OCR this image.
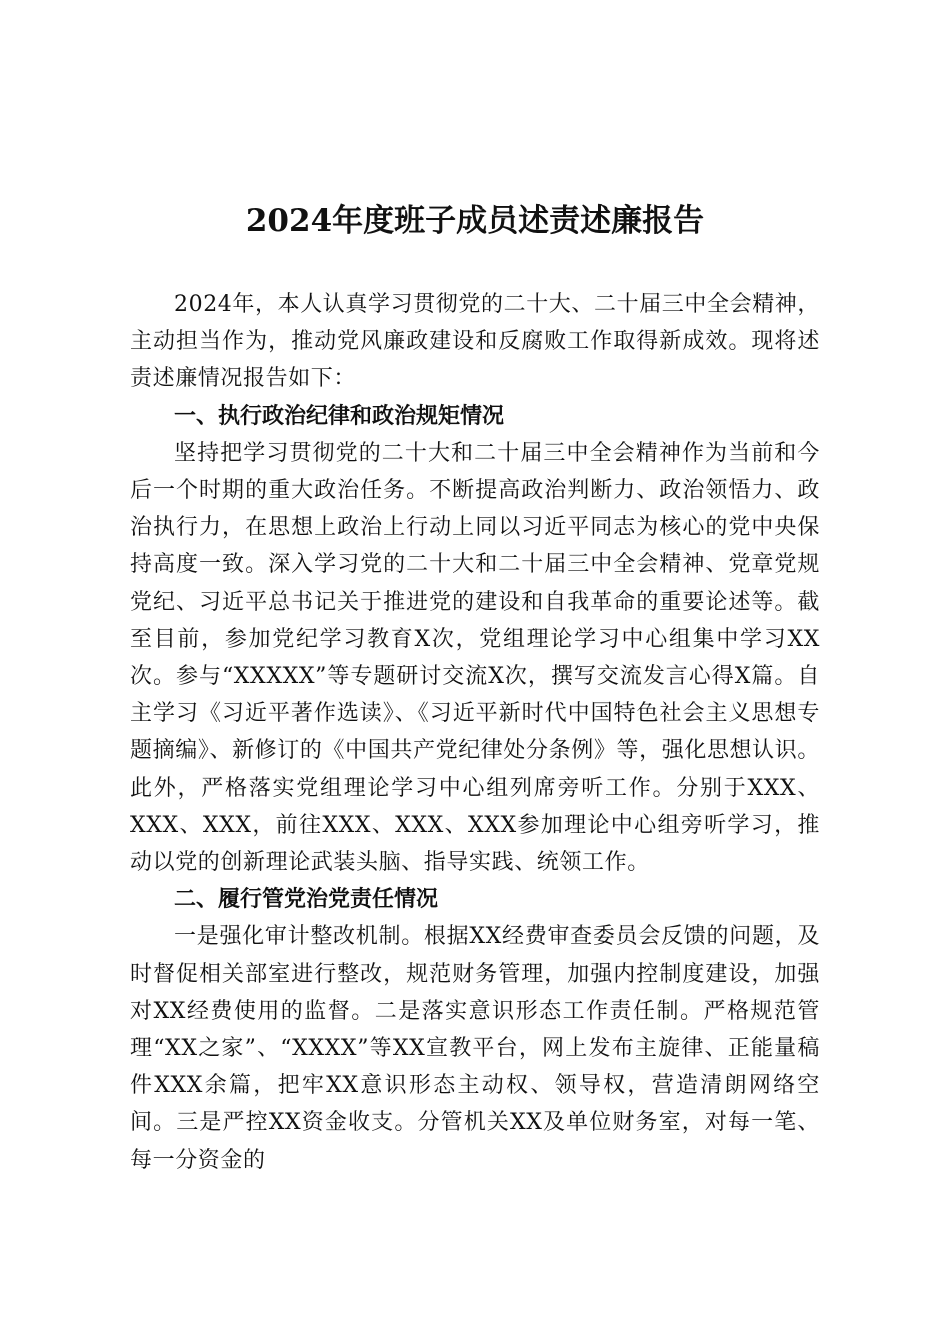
2024年度班子成员述责述廉报告

2024年，本人认真学习贯彻党的二十大、二十届三中全会精神，主动担当作为，推动党风廉政建设和反腐败工作取得新成效。现将述责述廉情况报告如下：

一、执行政治纪律和政治规矩情况

坚持把学习贯彻党的二十大和二十届三中全会精神作为当前和今后一个时期的重大政治任务。不断提高政治判断力、政治领悟力、政治执行力，在思想上政治上行动上同以习近平同志为核心的党中央保持高度一致。深入学习党的二十大和二十届三中全会精神、党章党规党纪、习近平总书记关于推进党的建设和自我革命的重要论述等。截至目前，参加党纪学习教育X次，党组理论学习中心组集中学习XX次。参与“XXXXX”等专题研讨交流X次，撰写交流发言心得X篇。自主学习《习近平著作选读》、《习近平新时代中国特色社会主义思想专题摘编》、新修订的《中国共产党纪律处分条例》等，强化思想认识。此外，严格落实党组理论学习中心组列席旁听工作。分别于XXX、XXX、XXX，前往XXX、XXX、XXX参加理论中心组旁听学习，推动以党的创新理论武装头脑、指导实践、统领工作。

二、履行管党治党责任情况

一是强化审计整改机制。根据XX经费审查委员会反馈的问题，及时督促相关部室进行整改，规范财务管理，加强内控制度建设，加强对XX经费使用的监督。二是落实意识形态工作责任制。严格规范管理“XX之家”、“XXXX”等XX宣教平台，网上发布主旋律、正能量稿件XXX余篇，把牢XX意识形态主动权、领导权，营造清朗网络空间。三是严控XX资金收支。分管机关XX及单位财务室，对每一笔、每一分资金的
